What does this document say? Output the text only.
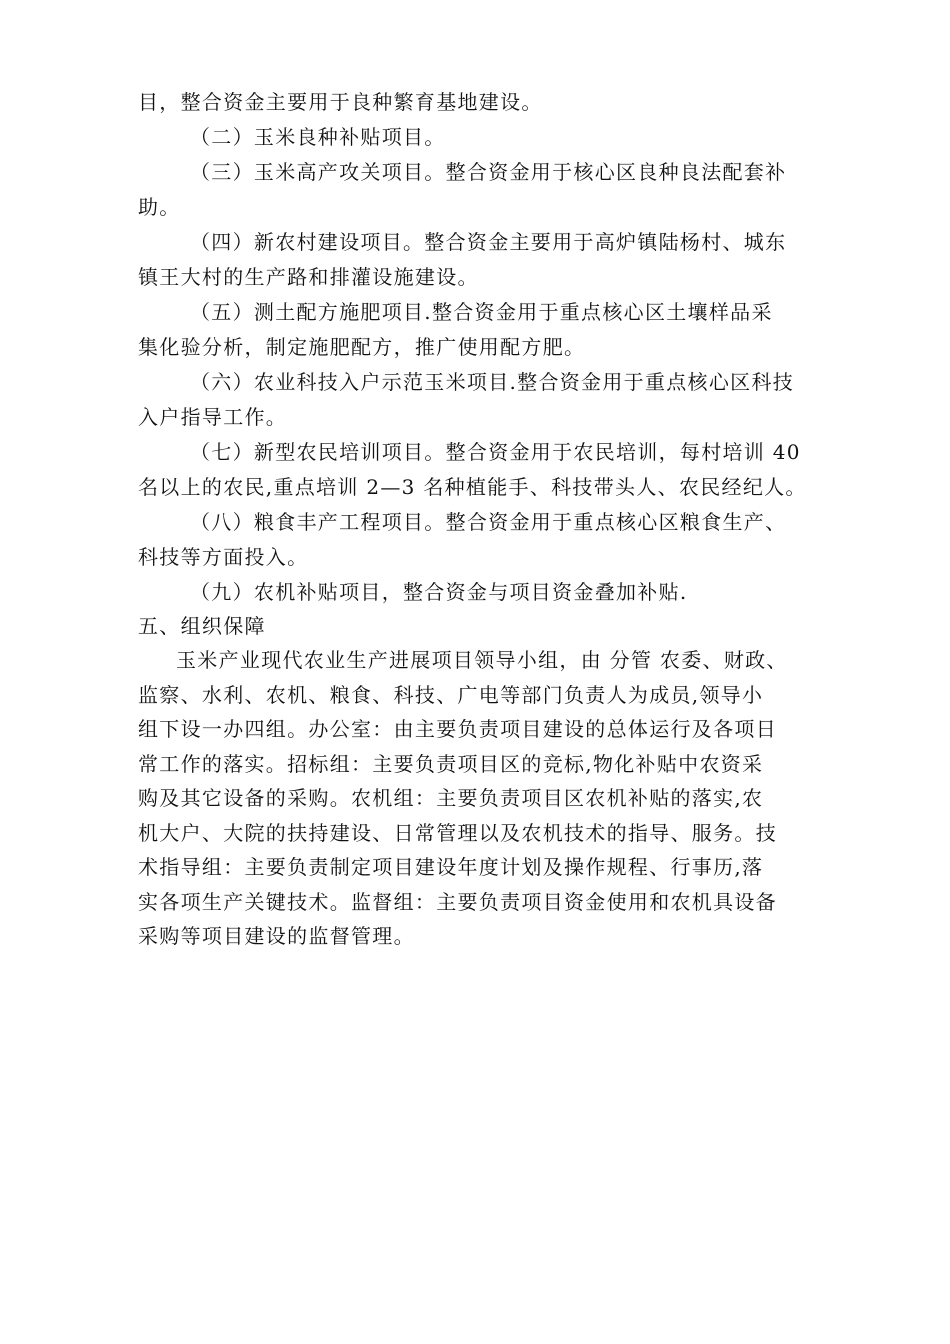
目，整合资金主要用于良种繁育基地建设。
（二）玉米良种补贴项目。
（三）玉米高产攻关项目。整合资金用于核心区良种良法配套补
助。
（四）新农村建设项目。整合资金主要用于高炉镇陆杨村、城东
镇王大村的生产路和排灌设施建设。
（五）测土配方施肥项目.整合资金用于重点核心区土壤样品采
集化验分析，制定施肥配方，推广使用配方肥。
（六）农业科技入户示范玉米项目.整合资金用于重点核心区科技
入户指导工作。
（七）新型农民培训项目。整合资金用于农民培训，每村培训 40
名以上的农民,重点培训 2—3 名种植能手、科技带头人、农民经纪人。
（八）粮食丰产工程项目。整合资金用于重点核心区粮食生产、
科技等方面投入。
（九）农机补贴项目，整合资金与项目资金叠加补贴.
五、组织保障
玉米产业现代农业生产进展项目领导小组，由 分管 农委、财政、
监察、水利、农机、粮食、科技、广电等部门负责人为成员,领导小
组下设一办四组。办公室：由主要负责项目建设的总体运行及各项日
常工作的落实。招标组：主要负责项目区的竞标,物化补贴中农资采
购及其它设备的采购。农机组：主要负责项目区农机补贴的落实,农
机大户、大院的扶持建设、日常管理以及农机技术的指导、服务。技
术指导组：主要负责制定项目建设年度计划及操作规程、行事历,落
实各项生产关键技术。监督组：主要负责项目资金使用和农机具设备
采购等项目建设的监督管理。
